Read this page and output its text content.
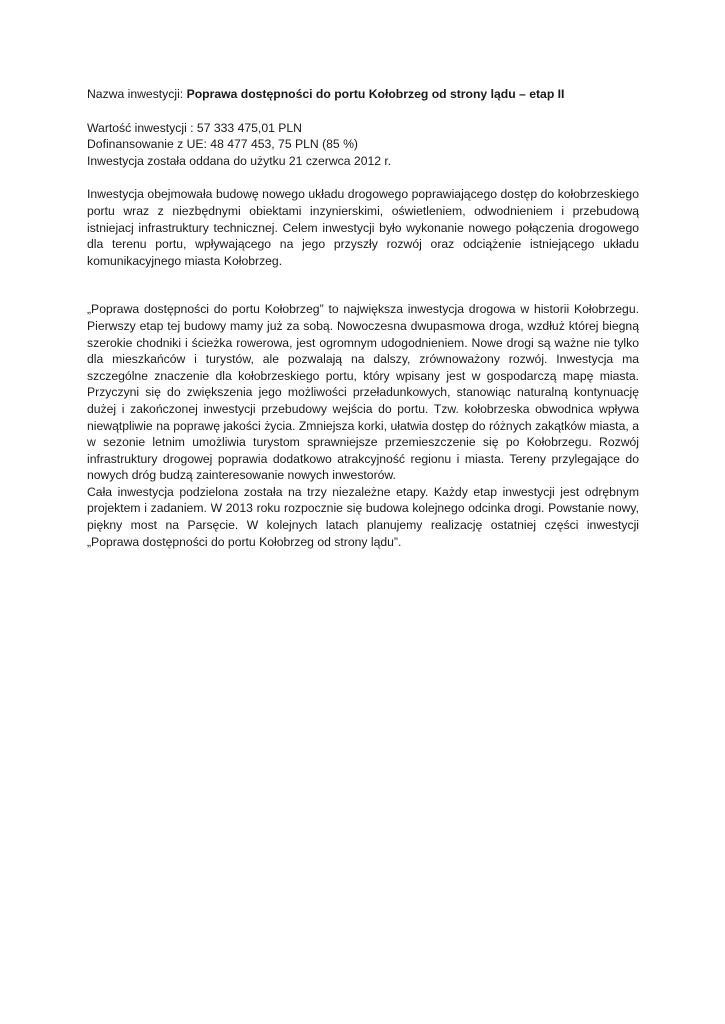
Nazwa inwestycji: Poprawa dostępności do portu Kołobrzeg od strony lądu – etap II

Wartość inwestycji : 57 333 475,01 PLN
Dofinansowanie z UE: 48 477 453, 75 PLN (85 %)
Inwestycja została oddana do użytku 21 czerwca 2012 r.

Inwestycja obejmowała budowę nowego układu drogowego poprawiającego dostęp do kołobrzeskiego portu wraz z niezbędnymi obiektami inzynierskimi, oświetleniem, odwodnieniem i przebudową istniejacj infrastruktury technicznej. Celem inwestycji było wykonanie nowego połączenia drogowego dla terenu portu, wpływającego na jego przyszły rozwój oraz odciążenie istniejącego układu komunikacyjnego miasta Kołobrzeg.

„Poprawa dostępności do portu Kołobrzeg” to największa inwestycja drogowa w historii Kołobrzegu. Pierwszy etap tej budowy mamy już za sobą. Nowoczesna dwupasmowa droga, wzdłuż której biegną szerokie chodniki i ścieżka rowerowa, jest ogromnym udogodnieniem. Nowe drogi są ważne nie tylko dla mieszkańców i turystów, ale pozwalają na dalszy, zrównoważony rozwój. Inwestycja ma szczególne znaczenie dla kołobrzeskiego portu, który wpisany jest w gospodarczą mapę miasta. Przyczyni się do zwiększenia jego możliwości przeładunkowych, stanowiąc naturalną kontynuację dużej i zakończonej inwestycji przebudowy wejścia do portu. Tzw. kołobrzeska obwodnica wpływa niewątpliwie na poprawę jakości życia. Zmniejsza korki, ułatwia dostęp do różnych zakątków miasta, a w sezonie letnim umożliwia turystom sprawniejsze przemieszczenie się po Kołobrzegu. Rozwój infrastruktury drogowej poprawia dodatkowo atrakcyjność regionu i miasta. Tereny przylegające do nowych dróg budzą zainteresowanie nowych inwestorów.

Cała inwestycja podzielona została na trzy niezależne etapy. Każdy etap inwestycji jest odrębnym projektem i zadaniem. W 2013 roku rozpocznie się budowa kolejnego odcinka drogi. Powstanie nowy, piękny most na Parsęcie. W kolejnych latach planujemy realizację ostatniej części inwestycji „Poprawa dostępności do portu Kołobrzeg od strony lądu”.
